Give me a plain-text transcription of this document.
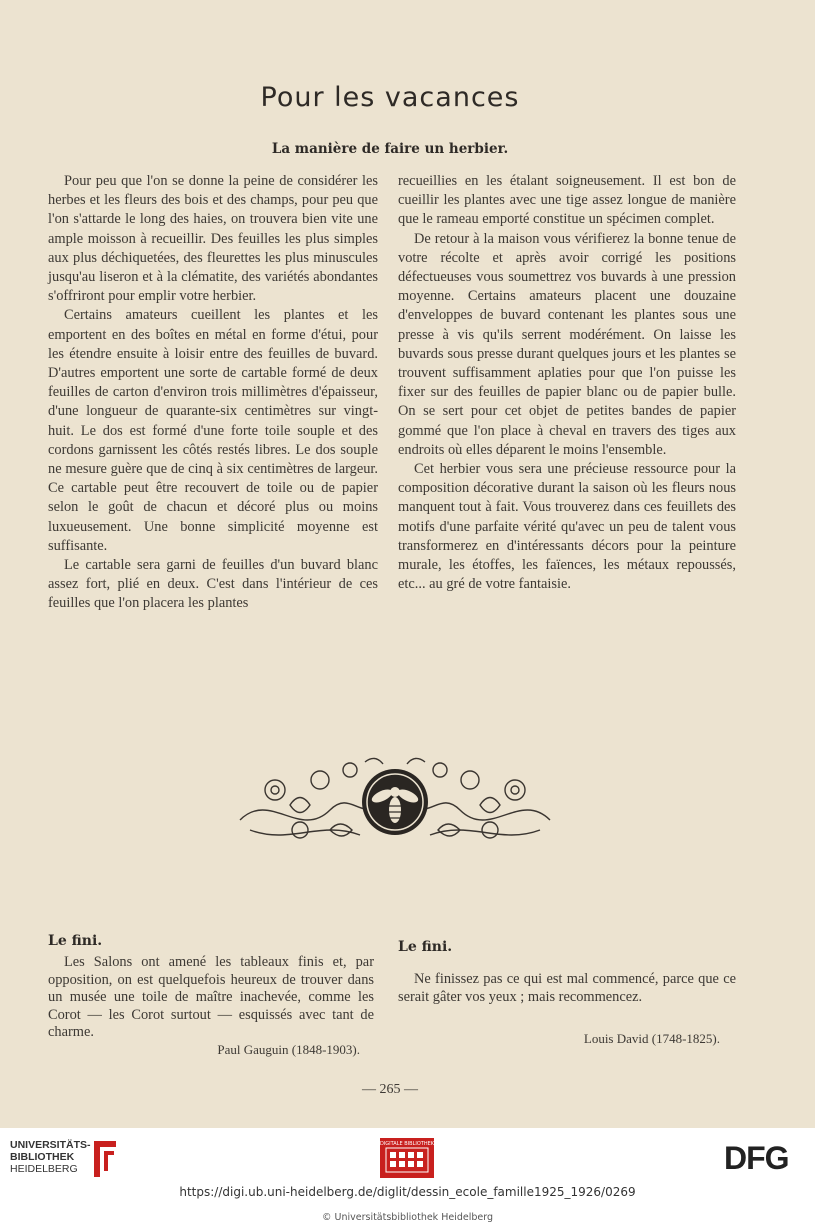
Pour les vacances
La manière de faire un herbier.

Pour peu que l'on se donne la peine de considérer les herbes et les fleurs des bois et des champs, pour peu que l'on s'attarde le long des haies, on trouvera bien vite une ample moisson à recueillir. Des feuilles les plus simples aux plus déchiquetées, des fleurettes les plus minuscules jusqu'au liseron et à la clématite, des variétés abondantes s'offriront pour emplir votre herbier.

Certains amateurs cueillent les plantes et les emportent en des boîtes en métal en forme d'étui, pour les étendre ensuite à loisir entre des feuilles de buvard. D'autres emportent une sorte de cartable formé de deux feuilles de carton d'environ trois millimètres d'épaisseur, d'une longueur de quarante-six centimètres sur vingt-huit. Le dos est formé d'une forte toile souple et des cordons garnissent les côtés restés libres. Le dos souple ne mesure guère que de cinq à six centimètres de largeur. Ce cartable peut être recouvert de toile ou de papier selon le goût de chacun et décoré plus ou moins luxueusement. Une bonne simplicité moyenne est suffisante.

Le cartable sera garni de feuilles d'un buvard blanc assez fort, plié en deux. C'est dans l'intérieur de ces feuilles que l'on placera les plantes

recueillies en les étalant soigneusement. Il est bon de cueillir les plantes avec une tige assez longue de manière que le rameau emporté constitue un spécimen complet.

De retour à la maison vous vérifierez la bonne tenue de votre récolte et après avoir corrigé les positions défectueuses vous soumettrez vos buvards à une pression moyenne. Certains amateurs placent une douzaine d'enveloppes de buvard contenant les plantes sous une presse à vis qu'ils serrent modérément. On laisse les buvards sous presse durant quelques jours et les plantes se trouvent suffisamment aplaties pour que l'on puisse les fixer sur des feuilles de papier blanc ou de papier bulle. On se sert pour cet objet de petites bandes de papier gommé que l'on place à cheval en travers des tiges aux endroits où elles déparent le moins l'ensemble.

Cet herbier vous sera une précieuse ressource pour la composition décorative durant la saison où les fleurs nous manquent tout à fait. Vous trouverez dans ces feuillets des motifs d'une parfaite vérité qu'avec un peu de talent vous transformerez en d'intéressants décors pour la peinture murale, les étoffes, les faïences, les métaux repoussés, etc... au gré de votre fantaisie.

Le fini.

Les Salons ont amené les tableaux finis et, par opposition, on est quelquefois heureux de trouver dans un musée une toile de maître inachevée, comme les Corot — les Corot surtout — esquissés avec tant de charme.

Paul Gauguin (1848-1903).
Le fini.

Ne finissez pas ce qui est mal commencé, parce que ce serait gâter vos yeux ; mais recommencez.

Louis David (1748-1825).
— 265 —
UNIVERSITÄTS-
BIBLIOTHEK
HEIDELBERG
DIGITALE BIBLIOTHEK	DFG
https://digi.ub.uni-heidelberg.de/diglit/dessin_ecole_famille1925_1926/0269
© Universitätsbibliothek Heidelberg
